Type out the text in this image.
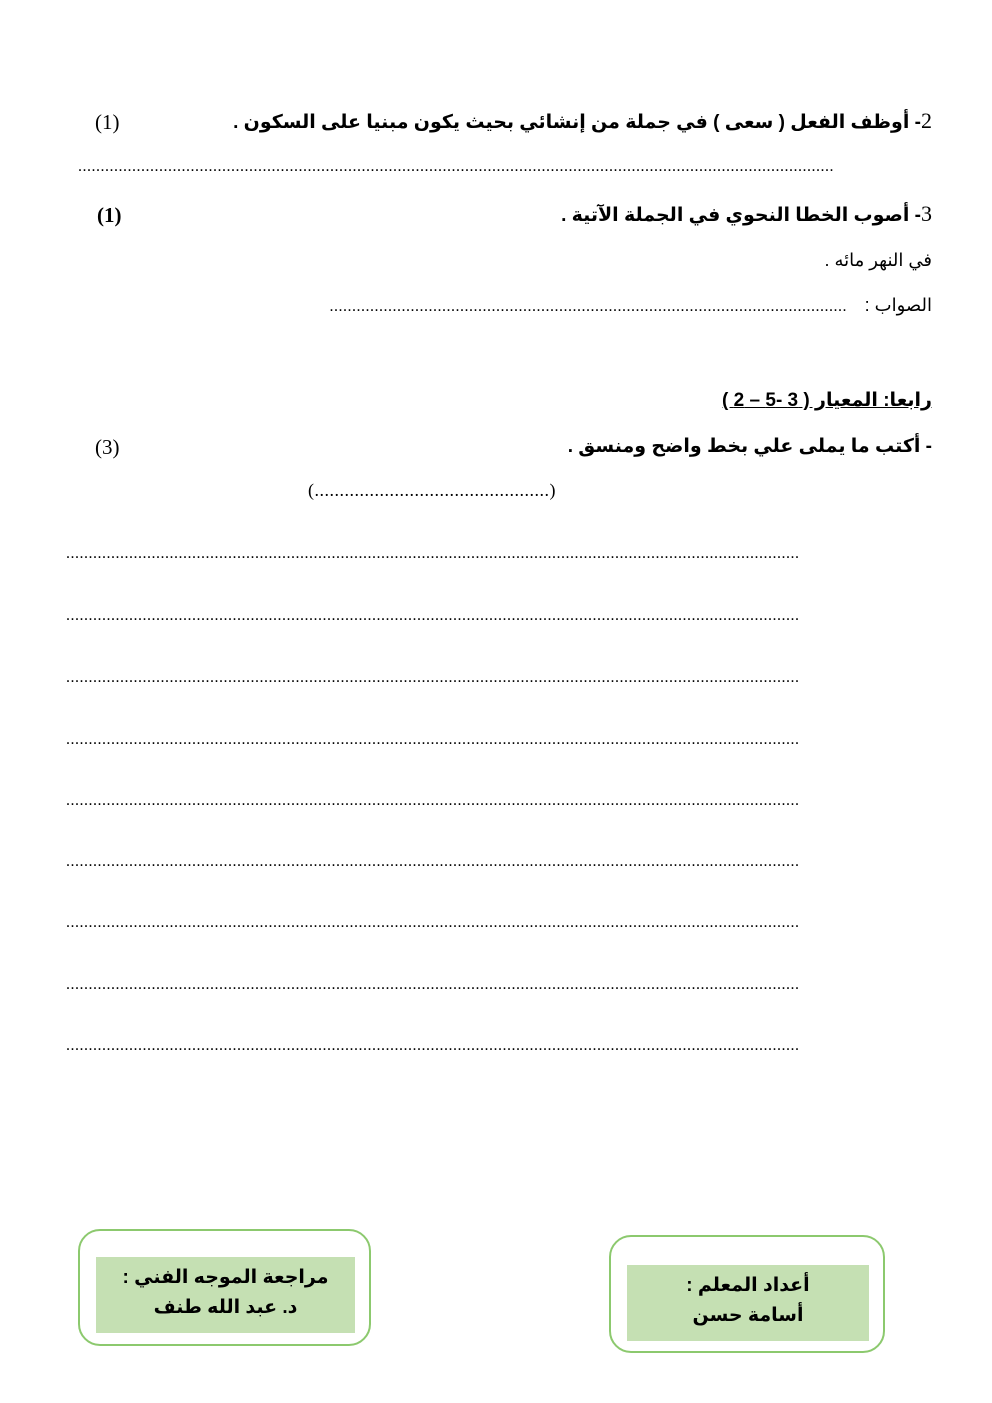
2- أوظف الفعل ( سعى ) في جملة من إنشائي بحيث يكون مبنيا على السكون .
(1)
........................................................................................................................................................................
3- أصوب الخطا النحوي في الجملة الآتية .
(1)
في النهر مائه .
الصواب :
...................................................................................................................
رابعا: المعيار ( 3 -5 – 2 )
- أكتب ما يملى علي بخط واضح ومنسق .
(3)
(...............................................)
...................................................................................................................................................................
...................................................................................................................................................................
...................................................................................................................................................................
...................................................................................................................................................................
...................................................................................................................................................................
...................................................................................................................................................................
...................................................................................................................................................................
...................................................................................................................................................................
...................................................................................................................................................................
مراجعة الموجه الفني :
د. عبد الله طنف
أعداد المعلم :
أسامة حسن
